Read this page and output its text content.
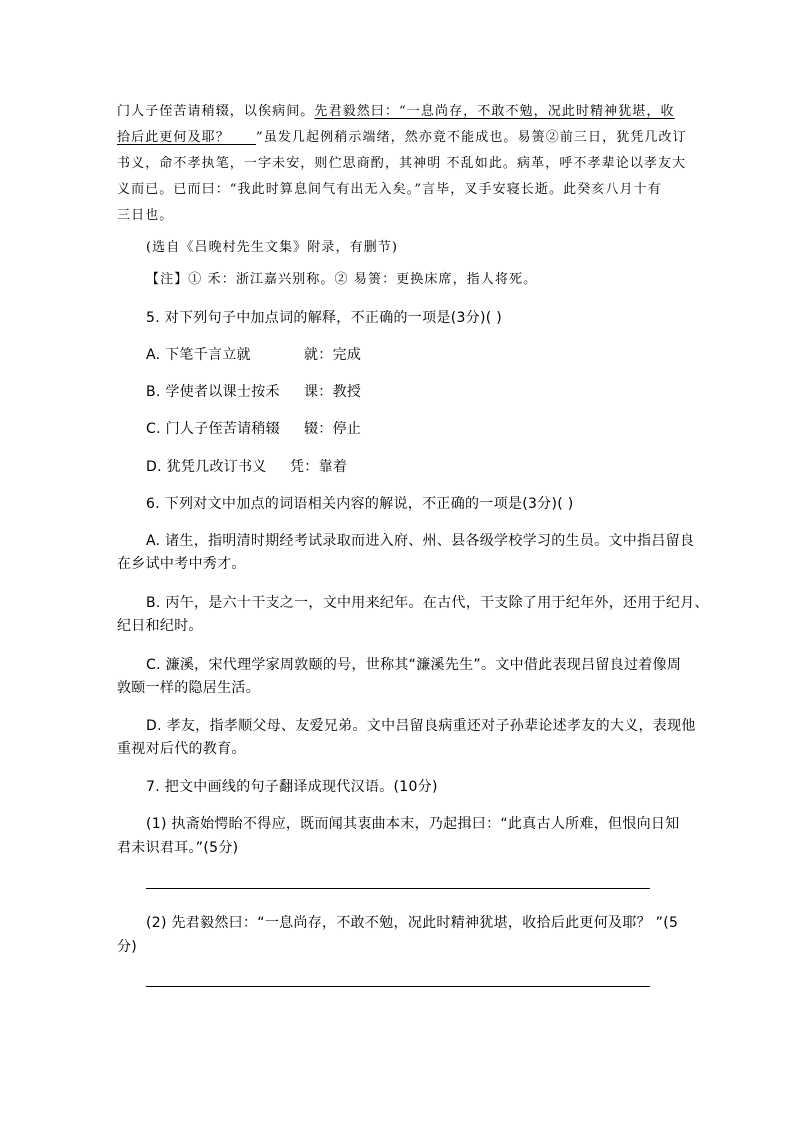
门人子侄苦请稍辍，以俟病间。先君毅然曰：“一息尚存，不敢不勉，况此时精神犹堪，收
拾后此更何及耶？ ”虽发几起例稍示端绪，然亦竟不能成也。易箦②前三日，犹凭几改订
书义，命不孝执笔，一字未安，则伫思商酌，其神明 不乱如此。病革，呼不孝辈论以孝友大
义而已。已而曰：“我此时算息间气有出无入矣。”言毕，叉手安寝长逝。此癸亥八月十有
三日也。
(选自《吕晚村先生文集》附录，有删节)
【注】① 禾：浙江嘉兴别称。② 易箦：更换床席，指人将死。
5. 对下列句子中加点词的解释，不正确的一项是(3分)( )
A. 下笔千言立就	就：完成
B. 学使者以课士按禾 课：教授
C. 门人子侄苦请稍辍 辍：停止
D. 犹凭几改订书义 凭：靠着
6. 下列对文中加点的词语相关内容的解说，不正确的一项是(3分)( )
A. 诸生，指明清时期经考试录取而进入府、州、县各级学校学习的生员。文中指吕留良
在乡试中考中秀才。
B. 丙午，是六十干支之一，文中用来纪年。在古代，干支除了用于纪年外，还用于纪月、
纪日和纪时。
C. 濂溪，宋代理学家周敦颐的号，世称其“濂溪先生”。文中借此表现吕留良过着像周
敦颐一样的隐居生活。
D. 孝友，指孝顺父母、友爱兄弟。文中吕留良病重还对子孙辈论述孝友的大义，表现他
重视对后代的教育。
7. 把文中画线的句子翻译成现代汉语。(10分)
(1) 执斋始愕眙不得应，既而闻其衷曲本末，乃起揖曰：“此真古人所难，但恨向日知
君未识君耳。”(5分)
(2) 先君毅然曰：“一息尚存，不敢不勉，况此时精神犹堪，收拾后此更何及耶？ ”(5
分)
